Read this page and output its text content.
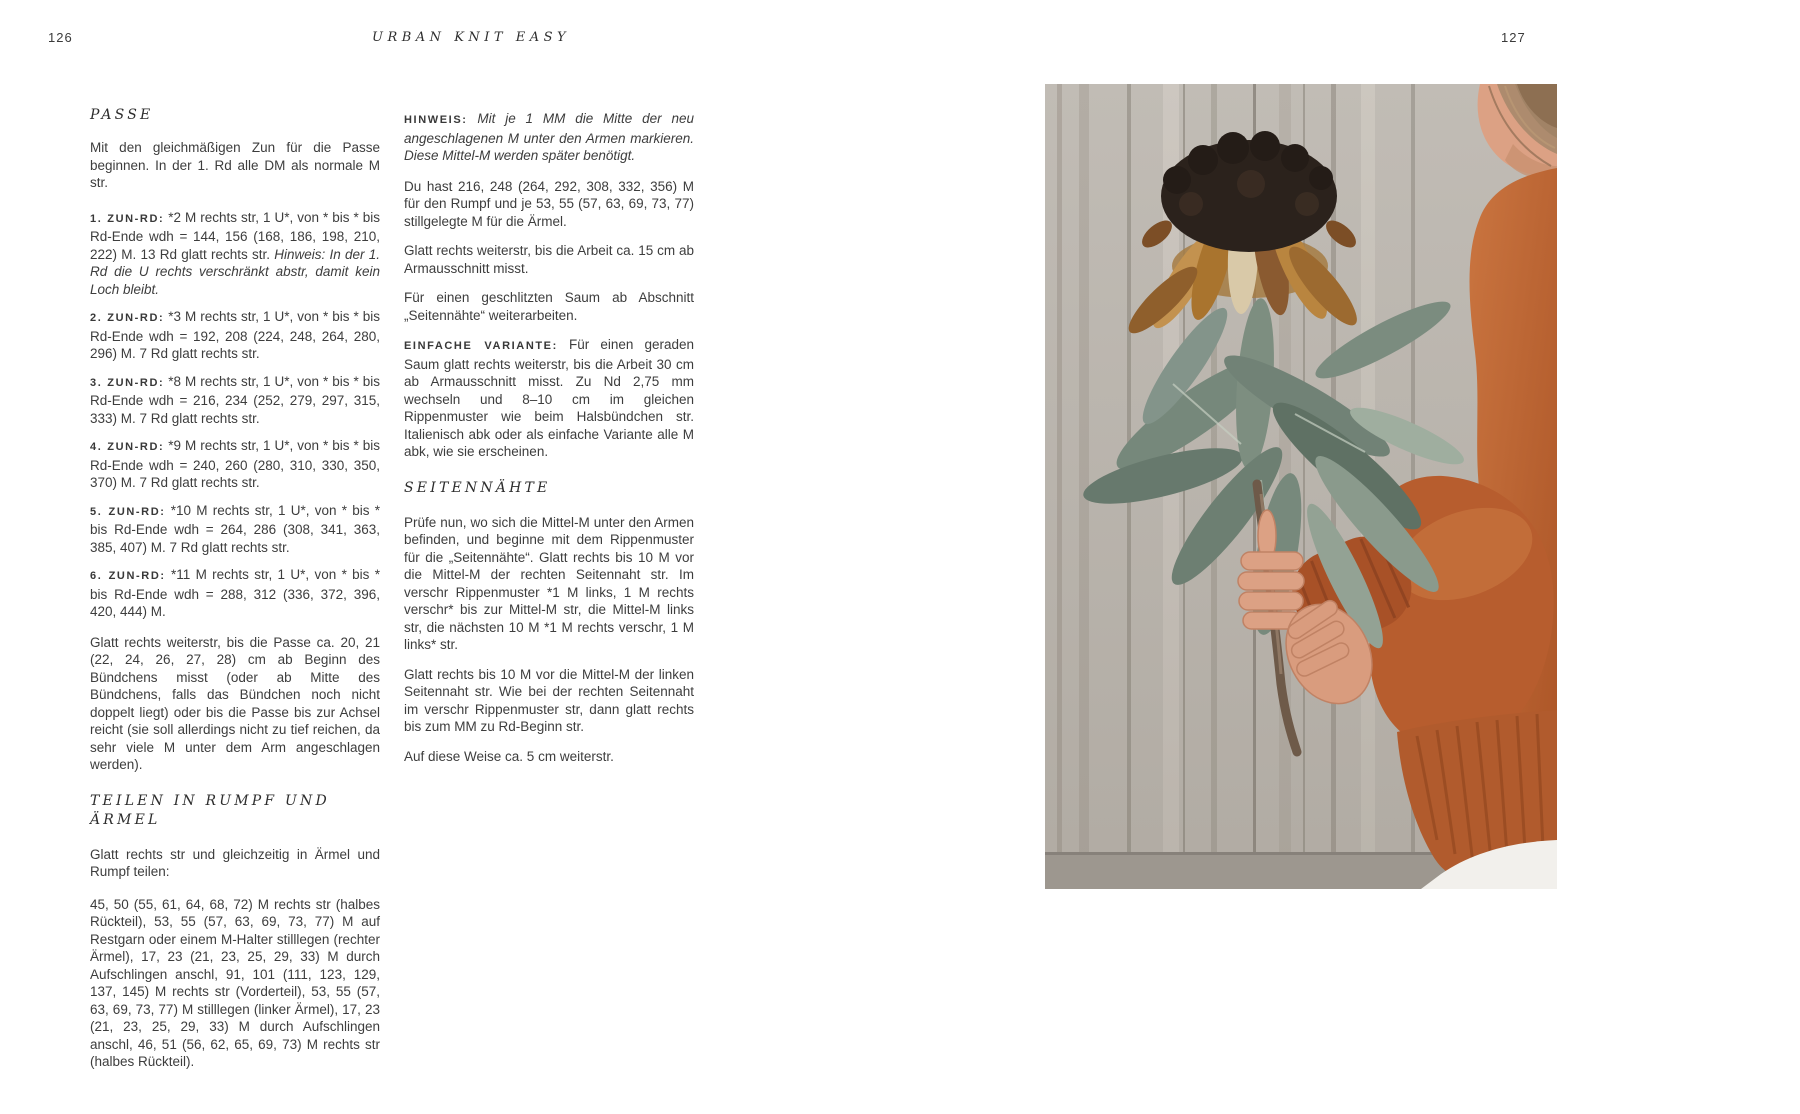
126	URBAN KNIT EASY	127
PASSE

Mit den gleichmäßigen Zun für die Passe beginnen. In der 1. Rd alle DM als normale M str.

1. ZUN-RD: *2 M rechts str, 1 U*, von * bis * bis Rd-Ende wdh = 144, 156 (168, 186, 198, 210, 222) M. 13 Rd glatt rechts str. Hinweis: In der 1. Rd die U rechts verschränkt abstr, damit kein Loch bleibt.

2. ZUN-RD: *3 M rechts str, 1 U*, von * bis * bis Rd-Ende wdh = 192, 208 (224, 248, 264, 280, 296) M. 7 Rd glatt rechts str.

3. ZUN-RD: *8 M rechts str, 1 U*, von * bis * bis Rd-Ende wdh = 216, 234 (252, 279, 297, 315, 333) M. 7 Rd glatt rechts str.

4. ZUN-RD: *9 M rechts str, 1 U*, von * bis * bis Rd-Ende wdh = 240, 260 (280, 310, 330, 350, 370) M. 7 Rd glatt rechts str.

5. ZUN-RD: *10 M rechts str, 1 U*, von * bis * bis Rd-Ende wdh = 264, 286 (308, 341, 363, 385, 407) M. 7 Rd glatt rechts str.

6. ZUN-RD: *11 M rechts str, 1 U*, von * bis * bis Rd-Ende wdh = 288, 312 (336, 372, 396, 420, 444) M.

Glatt rechts weiterstr, bis die Passe ca. 20, 21 (22, 24, 26, 27, 28) cm ab Beginn des Bündchens misst (oder ab Mitte des Bündchens, falls das Bündchen noch nicht doppelt liegt) oder bis die Passe bis zur Achsel reicht (sie soll allerdings nicht zu tief reichen, da sehr viele M unter dem Arm angeschlagen werden).

TEILEN IN RUMPF UND ÄRMEL

Glatt rechts str und gleichzeitig in Ärmel und Rumpf teilen:

45, 50 (55, 61, 64, 68, 72) M rechts str (halbes Rückteil), 53, 55 (57, 63, 69, 73, 77) M auf Restgarn oder einem M-Halter stilllegen (rechter Ärmel), 17, 23 (21, 23, 25, 29, 33) M durch Aufschlingen anschl, 91, 101 (111, 123, 129, 137, 145) M rechts str (Vorderteil), 53, 55 (57, 63, 69, 73, 77) M stilllegen (linker Ärmel), 17, 23 (21, 23, 25, 29, 33) M durch Aufschlingen anschl, 46, 51 (56, 62, 65, 69, 73) M rechts str (halbes Rückteil).

HINWEIS: Mit je 1 MM die Mitte der neu angeschlagenen M unter den Armen markieren. Diese Mittel-M werden später benötigt.

Du hast 216, 248 (264, 292, 308, 332, 356) M für den Rumpf und je 53, 55 (57, 63, 69, 73, 77) stillgelegte M für die Ärmel.

Glatt rechts weiterstr, bis die Arbeit ca. 15 cm ab Armausschnitt misst.

Für einen geschlitzten Saum ab Abschnitt „Seitennähte“ weiterarbeiten.

EINFACHE VARIANTE: Für einen geraden Saum glatt rechts weiterstr, bis die Arbeit 30 cm ab Armausschnitt misst. Zu Nd 2,75 mm wechseln und 8–10 cm im gleichen Rippenmuster wie beim Halsbündchen str. Italienisch abk oder als einfache Variante alle M abk, wie sie erscheinen.

SEITENNÄHTE

Prüfe nun, wo sich die Mittel-M unter den Armen befinden, und beginne mit dem Rippenmuster für die „Seitennähte“. Glatt rechts bis 10 M vor die Mittel-M der rechten Seitennaht str. Im verschr Rippenmuster *1 M links, 1 M rechts verschr* bis zur Mittel-M str, die Mittel-M links str, die nächsten 10 M *1 M rechts verschr, 1 M links* str.

Glatt rechts bis 10 M vor die Mittel-M der linken Seitennaht str. Wie bei der rechten Seitennaht im verschr Rippenmuster str, dann glatt rechts bis zum MM zu Rd-Beginn str.

Auf diese Weise ca. 5 cm weiterstr.
